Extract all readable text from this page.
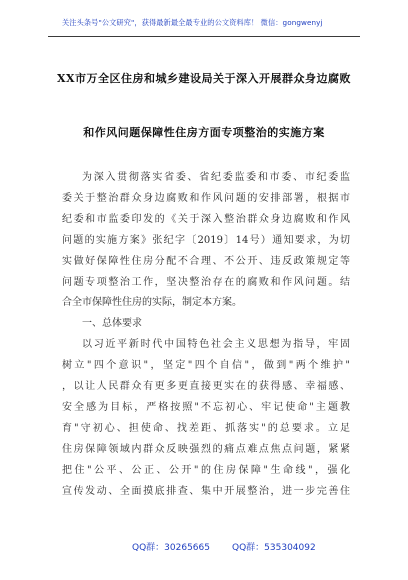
关注头条号"公文研究"，获得最新最全最专业的公文资料库！ 微信：gongwenyj
XX市万全区住房和城乡建设局关于深入开展群众身边腐败
和作风问题保障性住房方面专项整治的实施方案
为深入贯彻落实省委、省纪委监委和市委、市纪委监
委关于整治群众身边腐败和作风问题的安排部署，根据市
纪委和市监委印发的《关于深入整治群众身边腐败和作风
问题的实施方案》张纪字〔2019〕14号）通知要求，为切
实做好保障性住房分配不合理、不公开、违反政策规定等
问题专项整治工作，坚决整治存在的腐败和作风问题。结
合全市保障性住房的实际，制定本方案。
一、总体要求
以习近平新时代中国特色社会主义思想为指导，牢固
树立"四个意识"，坚定"四个自信"，做到"两个维护"
，以让人民群众有更多更直接更实在的获得感、幸福感、
安全感为目标，严格按照"不忘初心、牢记使命"主题教
育"守初心、担使命、找差距、抓落实"的总要求。立足
住房保障领域内群众反映强烈的痛点难点焦点问题，紧紧
把住"公平、公正、公开"的住房保障"生命线"，强化
宣传发动、全面摸底排查、集中开展整治，进一步完善住
QQ群：30265665 QQ群：535304092
